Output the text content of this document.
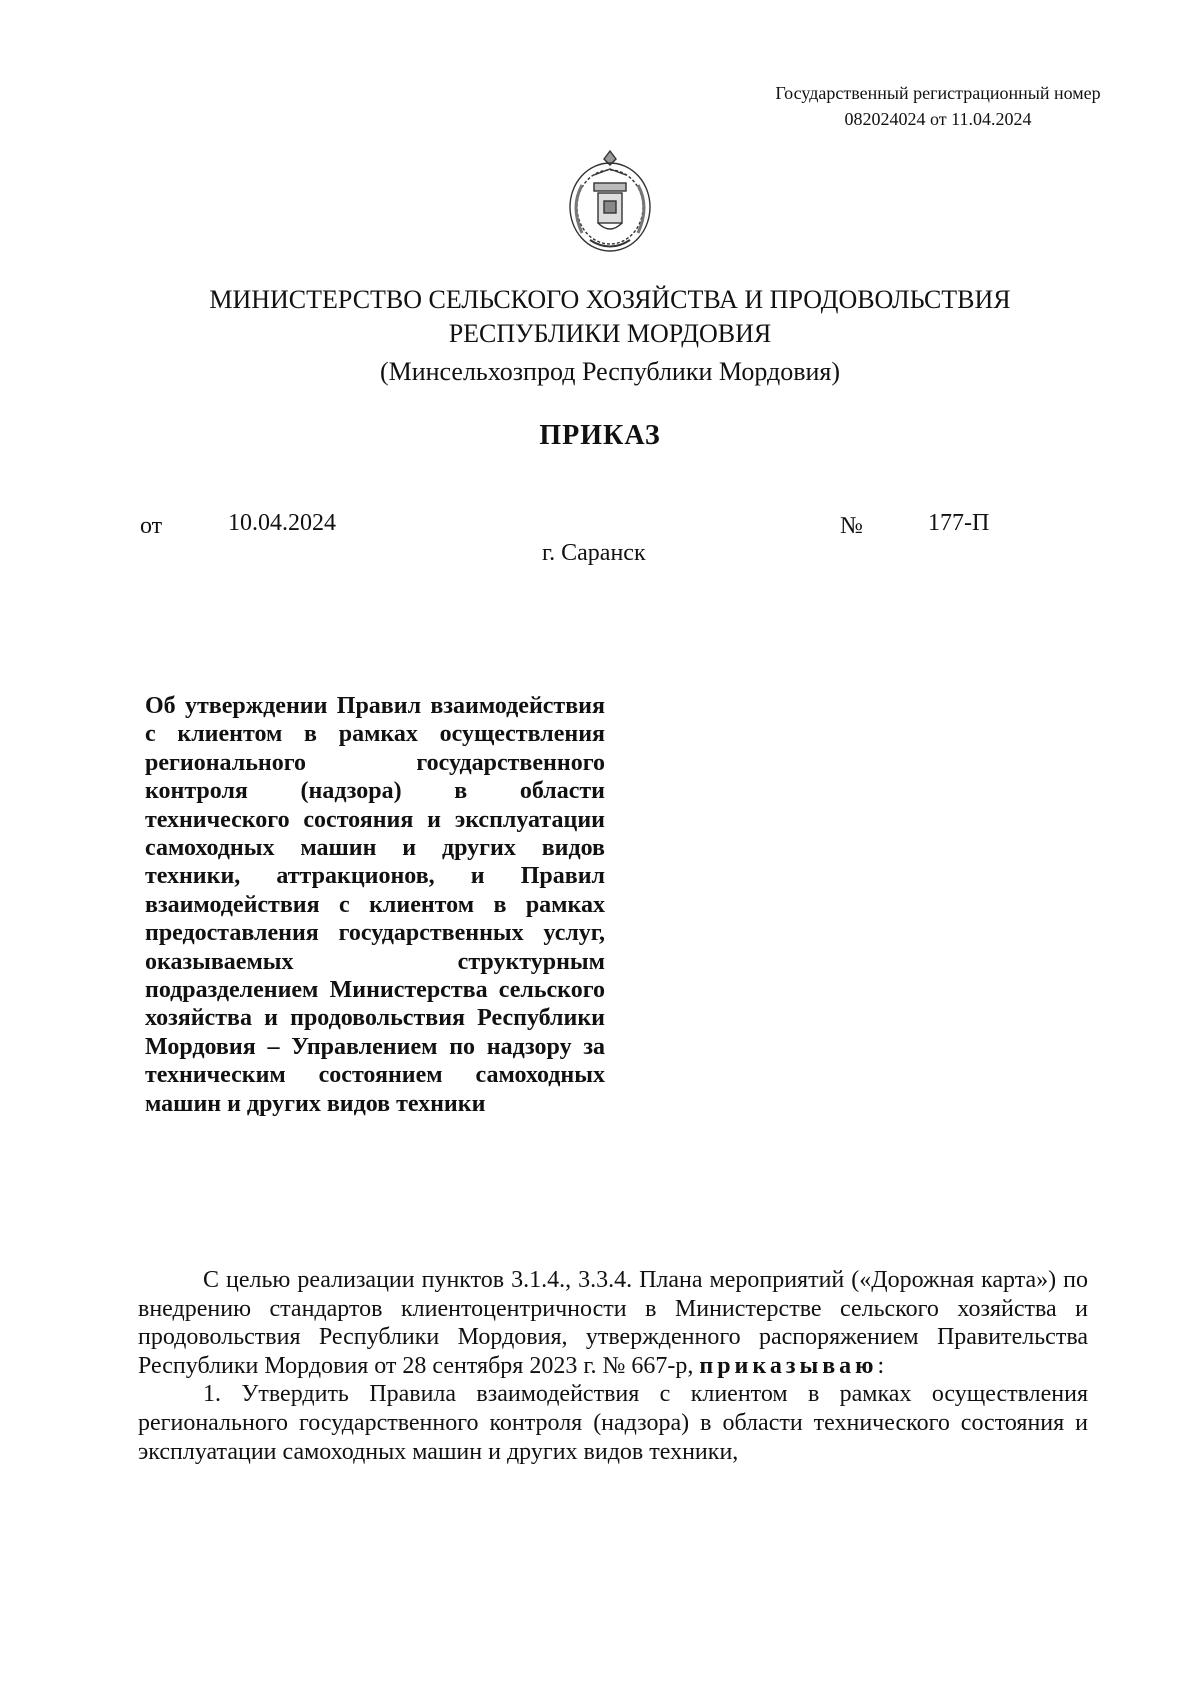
Государственный регистрационный номер
082024024 от 11.04.2024
МИНИСТЕРСТВО СЕЛЬСКОГО ХОЗЯЙСТВА И ПРОДОВОЛЬСТВИЯ
РЕСПУБЛИКИ МОРДОВИЯ
(Минсельхозпрод Республики Мордовия)
ПРИКАЗ
от	10.04.2024	№	177-П
г. Саранск
Об утверждении Правил взаимодействия с клиентом в рамках осуществления регионального государственного контроля (надзора) в области технического состояния и эксплуатации самоходных машин и других видов техники, аттракционов, и Правил взаимодействия с клиентом в рамках предоставления государственных услуг, оказываемых структурным подразделением Министерства сельского хозяйства и продовольствия Республики Мордовия – Управлением по надзору за техническим состоянием самоходных машин и других видов техники

С целью реализации пунктов 3.1.4., 3.3.4. Плана мероприятий («Дорожная карта») по внедрению стандартов клиентоцентричности в Министерстве сельского хозяйства и продовольствия Республики Мордовия, утвержденного распоряжением Правительства Республики Мордовия от 28 сентября 2023 г. № 667-р, приказываю:

1. Утвердить Правила взаимодействия с клиентом в рамках осуществления регионального государственного контроля (надзора) в области технического состояния и эксплуатации самоходных машин и других видов техники,
